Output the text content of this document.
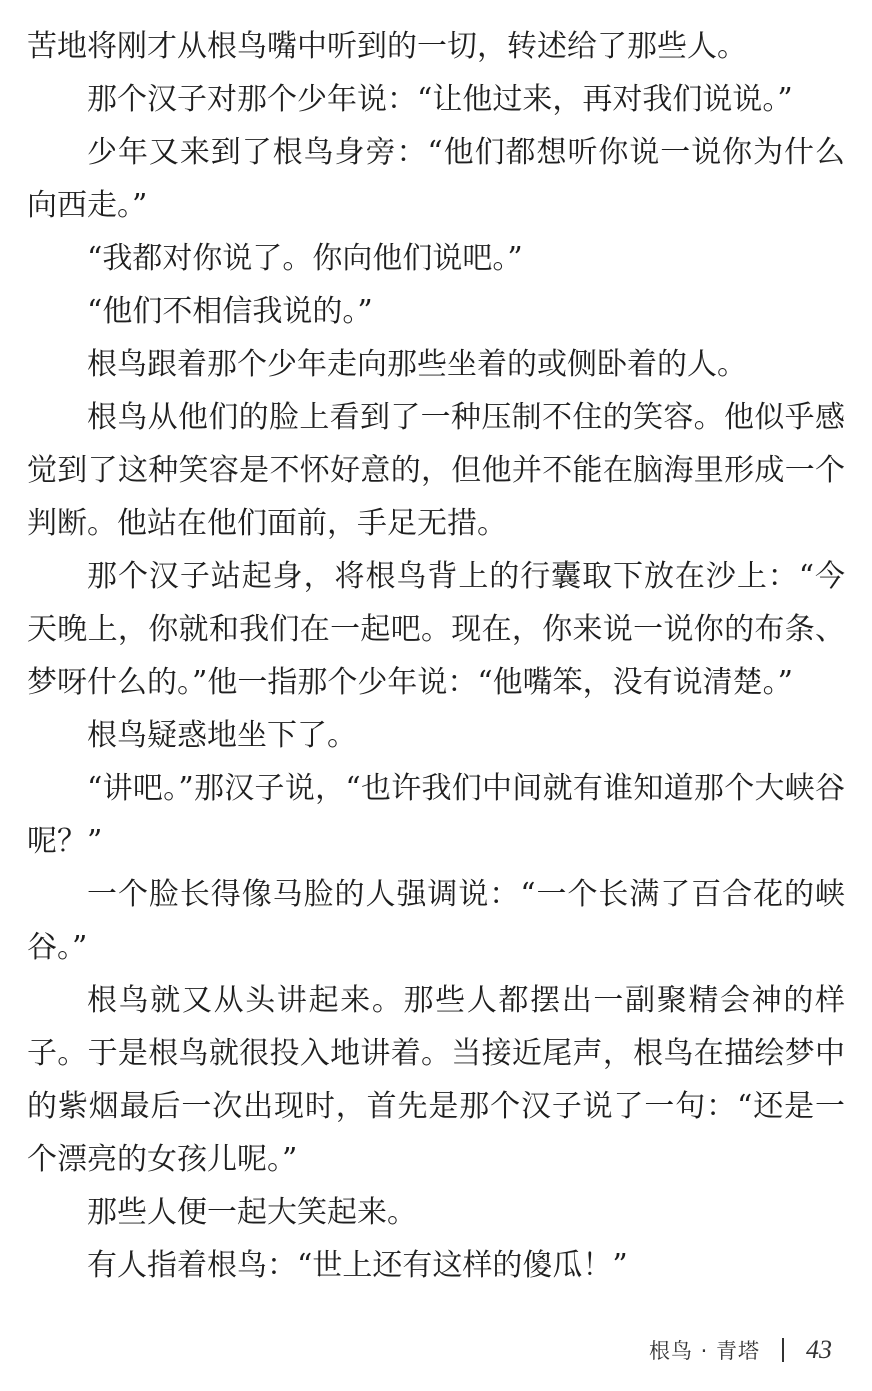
苦地将刚才从根鸟嘴中听到的一切，转述给了那些人。

那个汉子对那个少年说：“让他过来，再对我们说说。”

少年又来到了根鸟身旁：“他们都想听你说一说你为什么向西走。”

“我都对你说了。你向他们说吧。”

“他们不相信我说的。”

根鸟跟着那个少年走向那些坐着的或侧卧着的人。

根鸟从他们的脸上看到了一种压制不住的笑容。他似乎感觉到了这种笑容是不怀好意的，但他并不能在脑海里形成一个判断。他站在他们面前，手足无措。

那个汉子站起身，将根鸟背上的行囊取下放在沙上：“今天晚上，你就和我们在一起吧。现在，你来说一说你的布条、梦呀什么的。”他一指那个少年说：“他嘴笨，没有说清楚。”

根鸟疑惑地坐下了。

“讲吧。”那汉子说，“也许我们中间就有谁知道那个大峡谷呢？”

一个脸长得像马脸的人强调说：“一个长满了百合花的峡谷。”

根鸟就又从头讲起来。那些人都摆出一副聚精会神的样子。于是根鸟就很投入地讲着。当接近尾声，根鸟在描绘梦中的紫烟最后一次出现时，首先是那个汉子说了一句：“还是一个漂亮的女孩儿呢。”

那些人便一起大笑起来。

有人指着根鸟：“世上还有这样的傻瓜！”

根鸟 · 青塔 43
